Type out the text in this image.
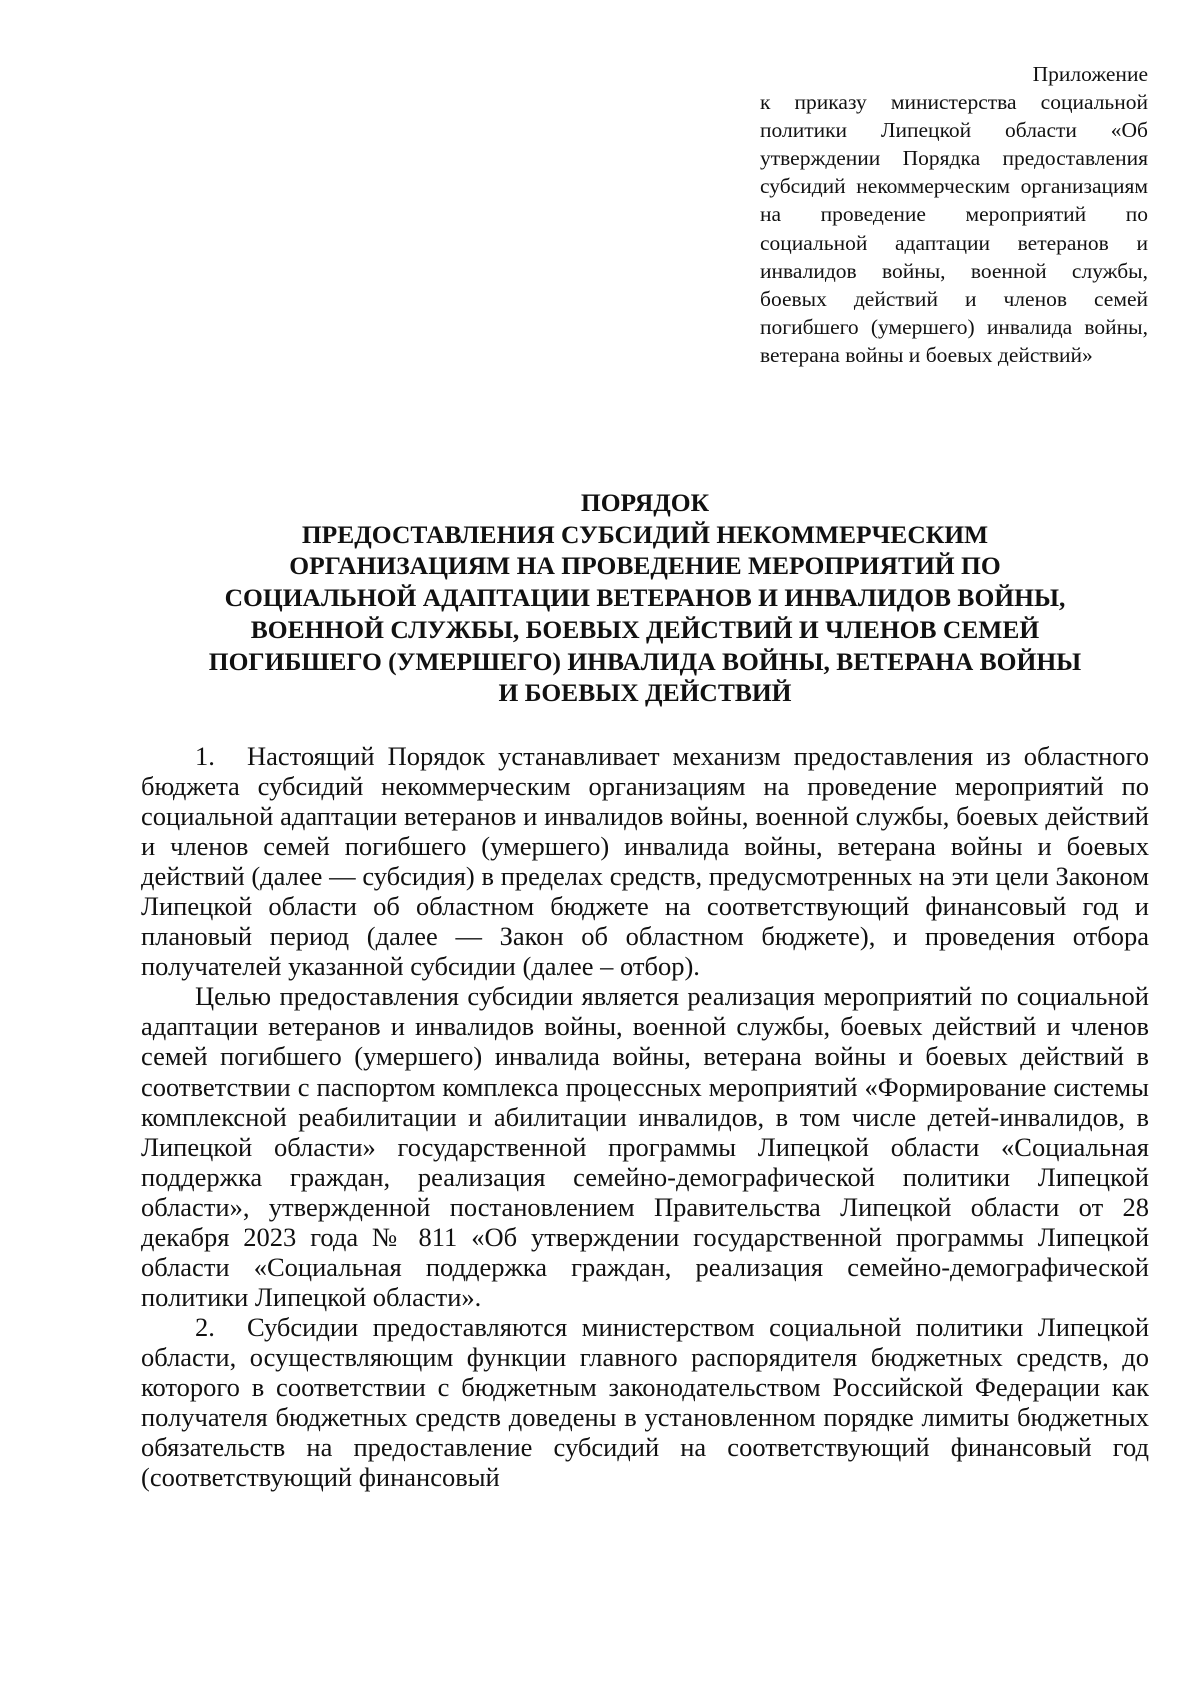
Приложение
к приказу министерства социальной политики Липецкой области «Об утверждении Порядка предоставления субсидий некоммерческим организациям на проведение мероприятий по социальной адаптации ветеранов и инвалидов войны, военной службы, боевых действий и членов семей погибшего (умершего) инвалида войны, ветерана войны и боевых действий»
ПОРЯДОК
ПРЕДОСТАВЛЕНИЯ СУБСИДИЙ НЕКОММЕРЧЕСКИМ
ОРГАНИЗАЦИЯМ НА ПРОВЕДЕНИЕ МЕРОПРИЯТИЙ ПО
СОЦИАЛЬНОЙ АДАПТАЦИИ ВЕТЕРАНОВ И ИНВАЛИДОВ ВОЙНЫ,
ВОЕННОЙ СЛУЖБЫ, БОЕВЫХ ДЕЙСТВИЙ И ЧЛЕНОВ СЕМЕЙ
ПОГИБШЕГО (УМЕРШЕГО) ИНВАЛИДА ВОЙНЫ, ВЕТЕРАНА ВОЙНЫ
И БОЕВЫХ ДЕЙСТВИЙ

1. Настоящий Порядок устанавливает механизм предоставления из областного бюджета субсидий некоммерческим организациям на проведение мероприятий по социальной адаптации ветеранов и инвалидов войны, военной службы, боевых действий и членов семей погибшего (умершего) инвалида войны, ветерана войны и боевых действий (далее — субсидия) в пределах средств, предусмотренных на эти цели Законом Липецкой области об областном бюджете на соответствующий финансовый год и плановый период (далее — Закон об областном бюджете), и проведения отбора получателей указанной субсидии (далее – отбор).

Целью предоставления субсидии является реализация мероприятий по социальной адаптации ветеранов и инвалидов войны, военной службы, боевых действий и членов семей погибшего (умершего) инвалида войны, ветерана войны и боевых действий в соответствии с паспортом комплекса процессных мероприятий «Формирование системы комплексной реабилитации и абилитации инвалидов, в том числе детей-инвалидов, в Липецкой области» государственной программы Липецкой области «Социальная поддержка граждан, реализация семейно-демографической политики Липецкой области», утвержденной постановлением Правительства Липецкой области от 28 декабря 2023 года № 811 «Об утверждении государственной программы Липецкой области «Социальная поддержка граждан, реализация семейно-демографической политики Липецкой области».

2. Субсидии предоставляются министерством социальной политики Липецкой области, осуществляющим функции главного распорядителя бюджетных средств, до которого в соответствии с бюджетным законодательством Российской Федерации как получателя бюджетных средств доведены в установленном порядке лимиты бюджетных обязательств на предоставление субсидий на соответствующий финансовый год (соответствующий финансовый
